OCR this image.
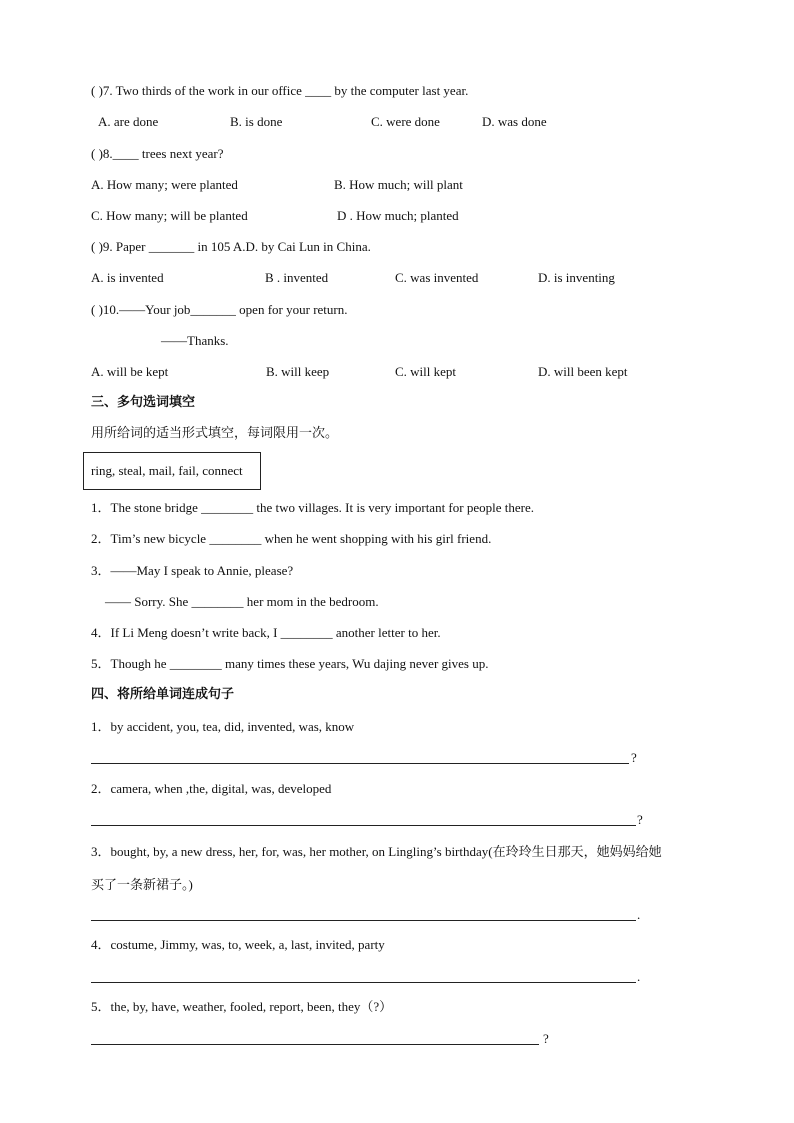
( )7. Two thirds of the work in our office ____ by the computer last year.
A. are done	B. is done	C. were done	D. was done
( )8.____ trees next year?
A. How many; were planted	B. How much; will plant
C. How many; will be planted	D . How much; planted
( )9. Paper _______ in 105 A.D. by Cai Lun in China.
A. is invented	B . invented	C. was invented	D. is inventing
( )10.——Your job_______ open for your return.
——Thanks.
A. will be kept	B. will keep	C. will kept	D. will been kept
三、多句选词填空
用所给词的适当形式填空，每词限用一次。
ring, steal, mail, fail, connect
1．The stone bridge ________ the two villages. It is very important for people there.
2．Tim’s new bicycle ________ when he went shopping with his girl friend.
3．——May I speak to Annie, please?
—— Sorry. She ________ her mom in the bedroom.
4．If Li Meng doesn’t write back, I ________ another letter to her.
5．Though he ________ many times these years, Wu dajing never gives up.
四、将所给单词连成句子
1．by accident, you, tea, did, invented, was, know
?
2．camera, when ,the, digital, was, developed
?
3．bought, by, a new dress, her, for, was, her mother, on Lingling’s birthday(在玲玲生日那天，她妈妈给她
买了一条新裙子。)
.
4．costume, Jimmy, was, to, week, a, last, invited, party
.
5．the, by, have, weather, fooled, report, been, they（?）
?
